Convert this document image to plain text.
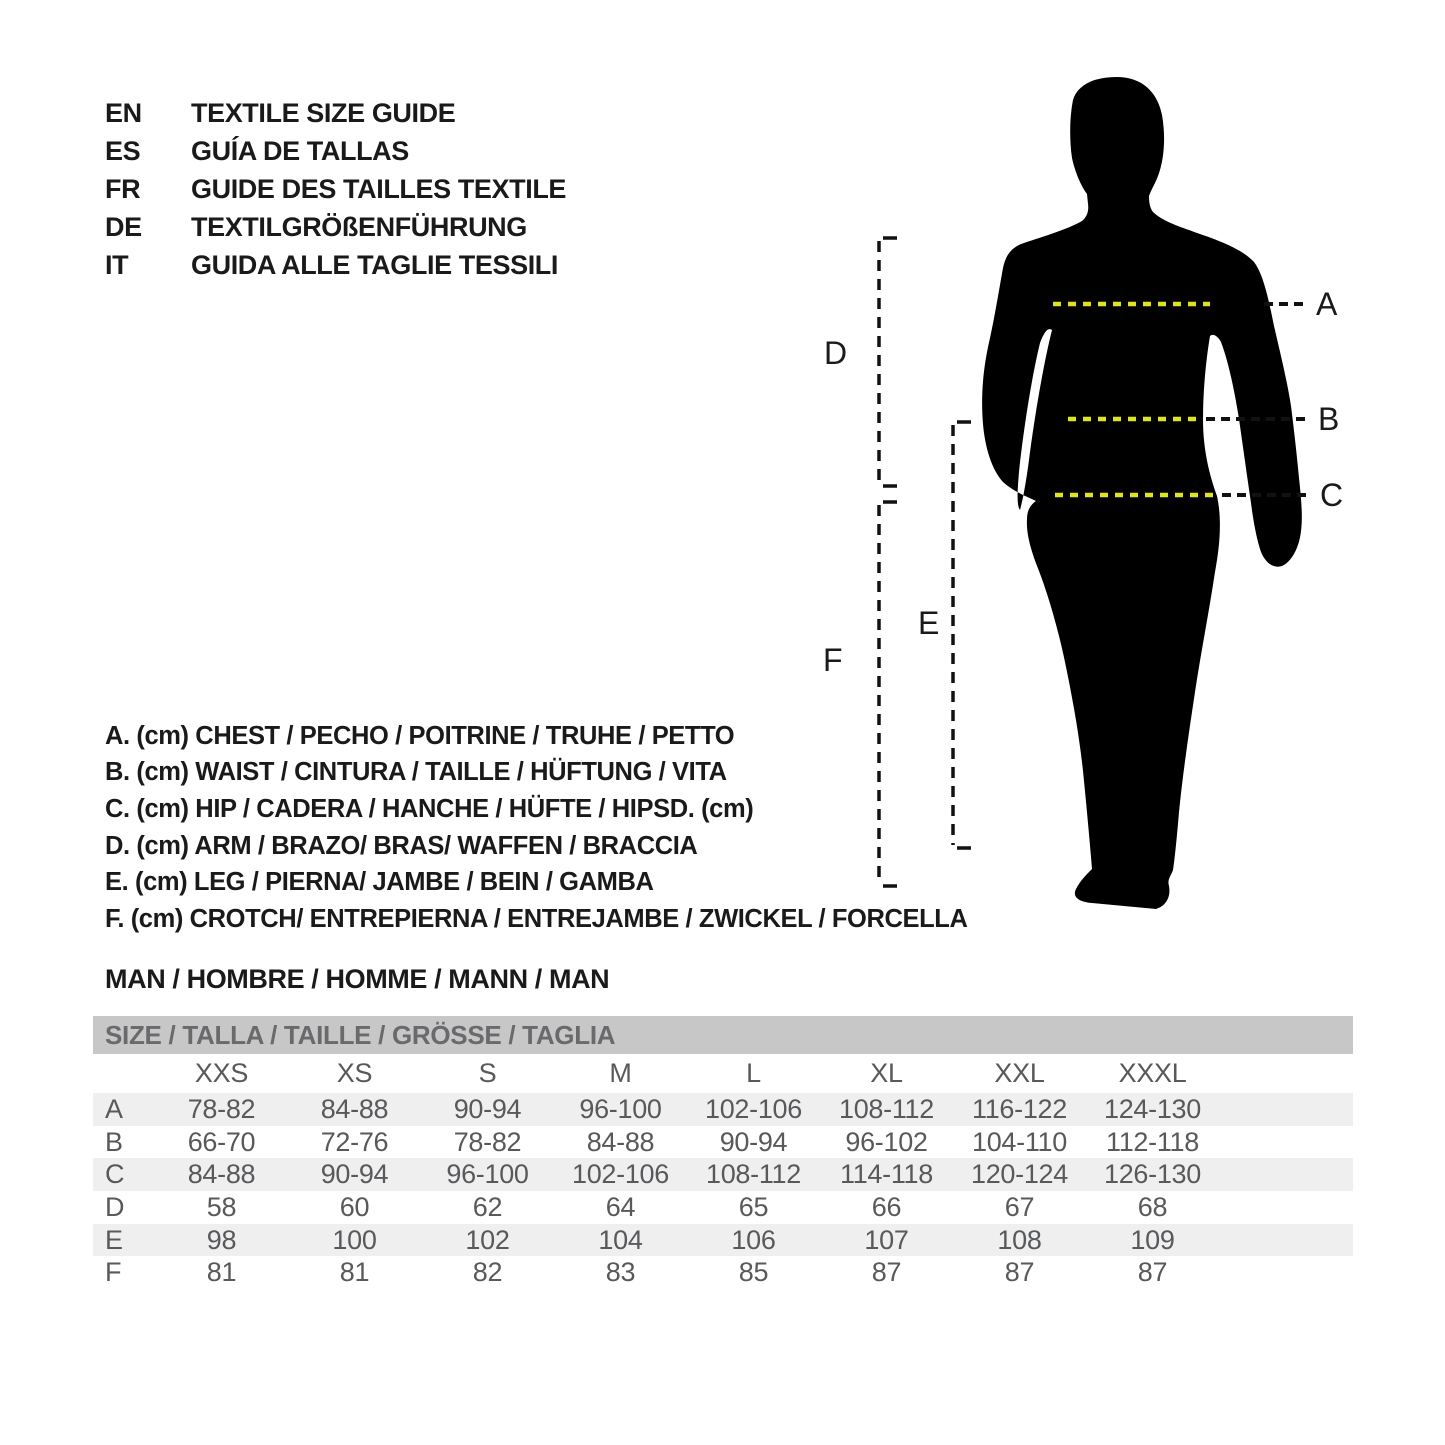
EN	TEXTILE SIZE GUIDE
ES	GUÍA DE TALLAS
FR	GUIDE DES TAILLES TEXTILE
DE	TEXTILGRÖßENFÜHRUNG
IT	GUIDA ALLE TAGLIE TESSILI
A
B
C
D
E
F
A. (cm) CHEST / PECHO / POITRINE / TRUHE / PETTO
B. (cm) WAIST / CINTURA / TAILLE / HÜFTUNG / VITA
C. (cm) HIP / CADERA / HANCHE / HÜFTE / HIPSD. (cm)
D. (cm) ARM / BRAZO/ BRAS/ WAFFEN / BRACCIA
E. (cm) LEG / PIERNA/ JAMBE / BEIN / GAMBA
F. (cm) CROTCH/ ENTREPIERNA / ENTREJAMBE / ZWICKEL / FORCELLA
MAN / HOMBRE / HOMME / MANN / MAN
SIZE / TALLA / TAILLE / GRÖSSE / TAGLIA
XXS	XS	S	M	L	XL	XXL	XXXL
A	78-82	84-88	90-94	96-100	102-106	108-112	116-122	124-130
B	66-70	72-76	78-82	84-88	90-94	96-102	104-110	112-118
C	84-88	90-94	96-100	102-106	108-112	114-118	120-124	126-130
D	58	60	62	64	65	66	67	68
E	98	100	102	104	106	107	108	109
F	81	81	82	83	85	87	87	87
